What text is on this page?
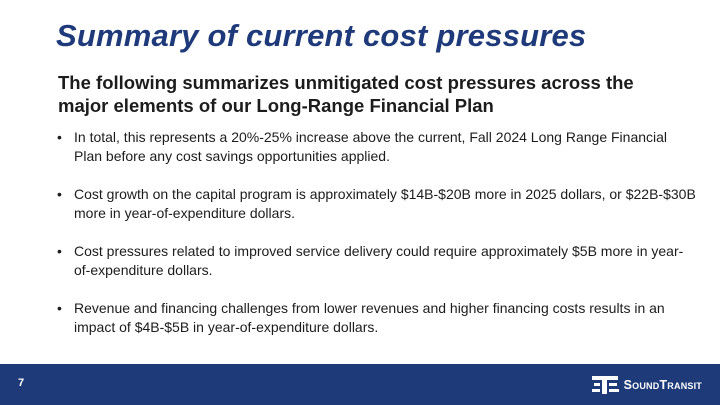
Summary of current cost pressures
The following summarizes unmitigated cost pressures across the major elements of our Long-Range Financial Plan
• In total, this represents a 20%-25% increase above the current, Fall 2024 Long Range Financial Plan before any cost savings opportunities applied.
• Cost growth on the capital program is approximately $14B-$20B more in 2025 dollars, or $22B-$30B more in year-of-expenditure dollars.
• Cost pressures related to improved service delivery could require approximately $5B more in year-of-expenditure dollars.
• Revenue and financing challenges from lower revenues and higher financing costs results in an impact of $4B-$5B in year-of-expenditure dollars.
7	SoundTransit
